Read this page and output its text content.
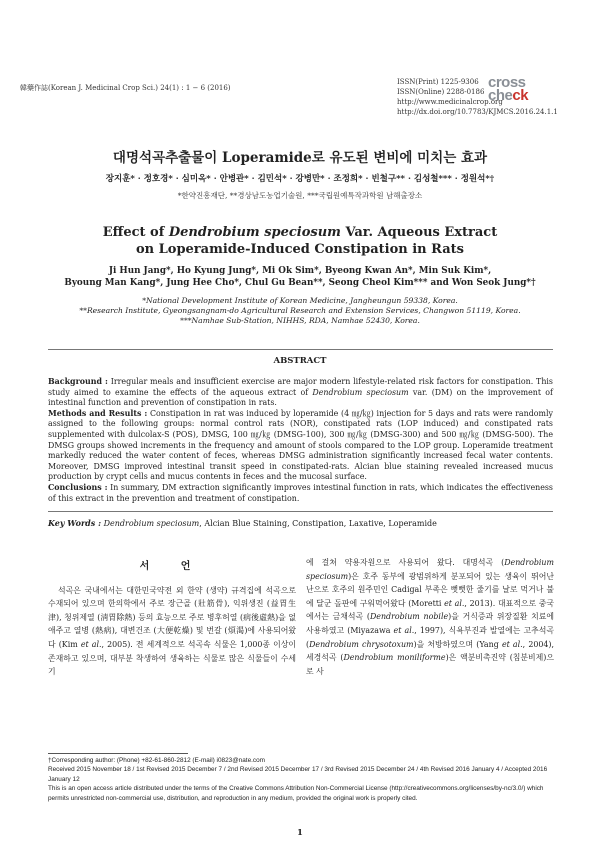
韓藥作誌(Korean J. Medicinal Crop Sci.) 24(1) : 1 − 6 (2016)
ISSN(Print) 1225-9306
ISSN(Online) 2288-0186
http://www.medicinalcrop.org
http://dx.doi.org/10.7783/KJMCS.2016.24.1.1
cross
check
대명석곡추출물이 Loperamide로 유도된 변비에 미치는 효과
장지훈* · 정호경* · 심미옥* · 안병관* · 김민석* · 강병만* · 조정희* · 빈철구** · 김성철*** · 정원석*†
*한약진흥재단, **경상남도농업기술원, ***국립원예특작과학원 남해출장소
Effect of Dendrobium speciosum Var. Aqueous Extract
on Loperamide-Induced Constipation in Rats
Ji Hun Jang*, Ho Kyung Jung*, Mi Ok Sim*, Byeong Kwan An*, Min Suk Kim*,
Byoung Man Kang*, Jung Hee Cho*, Chul Gu Bean**, Seong Cheol Kim*** and Won Seok Jung*†
*National Development Institute of Korean Medicine, Jangheungun 59338, Korea.
**Research Institute, Gyeongsangnam-do Agricultural Research and Extension Services, Changwon 51119, Korea.
***Namhae Sub-Station, NIHHS, RDA, Namhae 52430, Korea.
ABSTRACT

Background : Irregular meals and insufficient exercise are major modern lifestyle-related risk factors for constipation. This study aimed to examine the effects of the aqueous extract of Dendrobium speciosum var. (DM) on the improvement of intestinal function and prevention of constipation in rats.

Methods and Results : Constipation in rat was induced by loperamide (4 ㎎/㎏) injection for 5 days and rats were randomly assigned to the following groups: normal control rats (NOR), constipated rats (LOP induced) and constipated rats supplemented with dulcolax-S (POS), DMSG, 100 ㎎/㎏ (DMSG-100), 300 ㎎/㎏ (DMSG-300) and 500 ㎎/㎏ (DMSG-500). The DMSG groups showed increments in the frequency and amount of stools compared to the LOP group. Loperamide treatment markedly reduced the water content of feces, whereas DMSG administration significantly increased fecal water contents. Moreover, DMSG improved intestinal transit speed in constipated-rats. Alcian blue staining revealed increased mucus production by crypt cells and mucus contents in feces and the mucosal surface.

Conclusions : In summary, DM extraction significantly improves intestinal function in rats, which indicates the effectiveness of this extract in the prevention and treatment of constipation.

Key Words : Dendrobium speciosum, Alcian Blue Staining, Constipation, Laxative, Loperamide
서 언
석곡은 국내에서는 대한민국약전 외 한약 (생약) 규격집에 석곡으로 수재되어 있으며 한의학에서 주로 장근골 (壯筋骨), 익위생진 (益胃生津), 청위제열 (淸胃除熱) 등의 효능으로 주로 병후허열 (病後虛熱)을 없애주고 열병 (熱病), 대변건조 (大便乾燥) 및 번갈 (煩渴)에 사용되어왔다 (Kim et al., 2005). 전 세계적으로 석곡속 식물은 1,000종 이상이 존재하고 있으며, 대부분 착생하여 생육하는 식물로 많은 식물들이 수세기
에 걸쳐 약용자원으로 사용되어 왔다. 대명석곡 (Dendrobium speciosum)은 호주 동부에 광범위하게 분포되어 있는 생육이 뛰어난 난으로 호주의 원주민인 Cadigal 부족은 뻣뻣한 줄기를 날로 먹거나 불에 달군 돌판에 구워먹어왔다 (Moretti et al., 2013). 대표적으로 중국에서는 금채석곡 (Dendrobium nobile)을 거식증과 위장질환 치료에 사용하였고 (Miyazawa et al., 1997), 식욕부진과 발열에는 고추석곡 (Dendrobium chrysotoxum)을 처방하였으며 (Yang et al., 2004), 세경석곡 (Dendrobium moniliforme)은 액분비촉진약 (침분비제)으로 사
†Corresponding author: (Phone) +82-61-860-2812 (E-mail) i0823@nate.com
Received 2015 November 18 / 1st Revised 2015 December 7 / 2nd Revised 2015 December 17 / 3rd Revised 2015 December 24 / 4th Revised 2016 January 4 / Accepted 2016 January 12
This is an open access article distributed under the terms of the Creative Commons Attribution Non-Commercial License (http://creativecommons.org/licenses/by-nc/3.0/) which permits unrestricted non-commercial use, distribution, and reproduction in any medium, provided the original work is properly cited.
1
